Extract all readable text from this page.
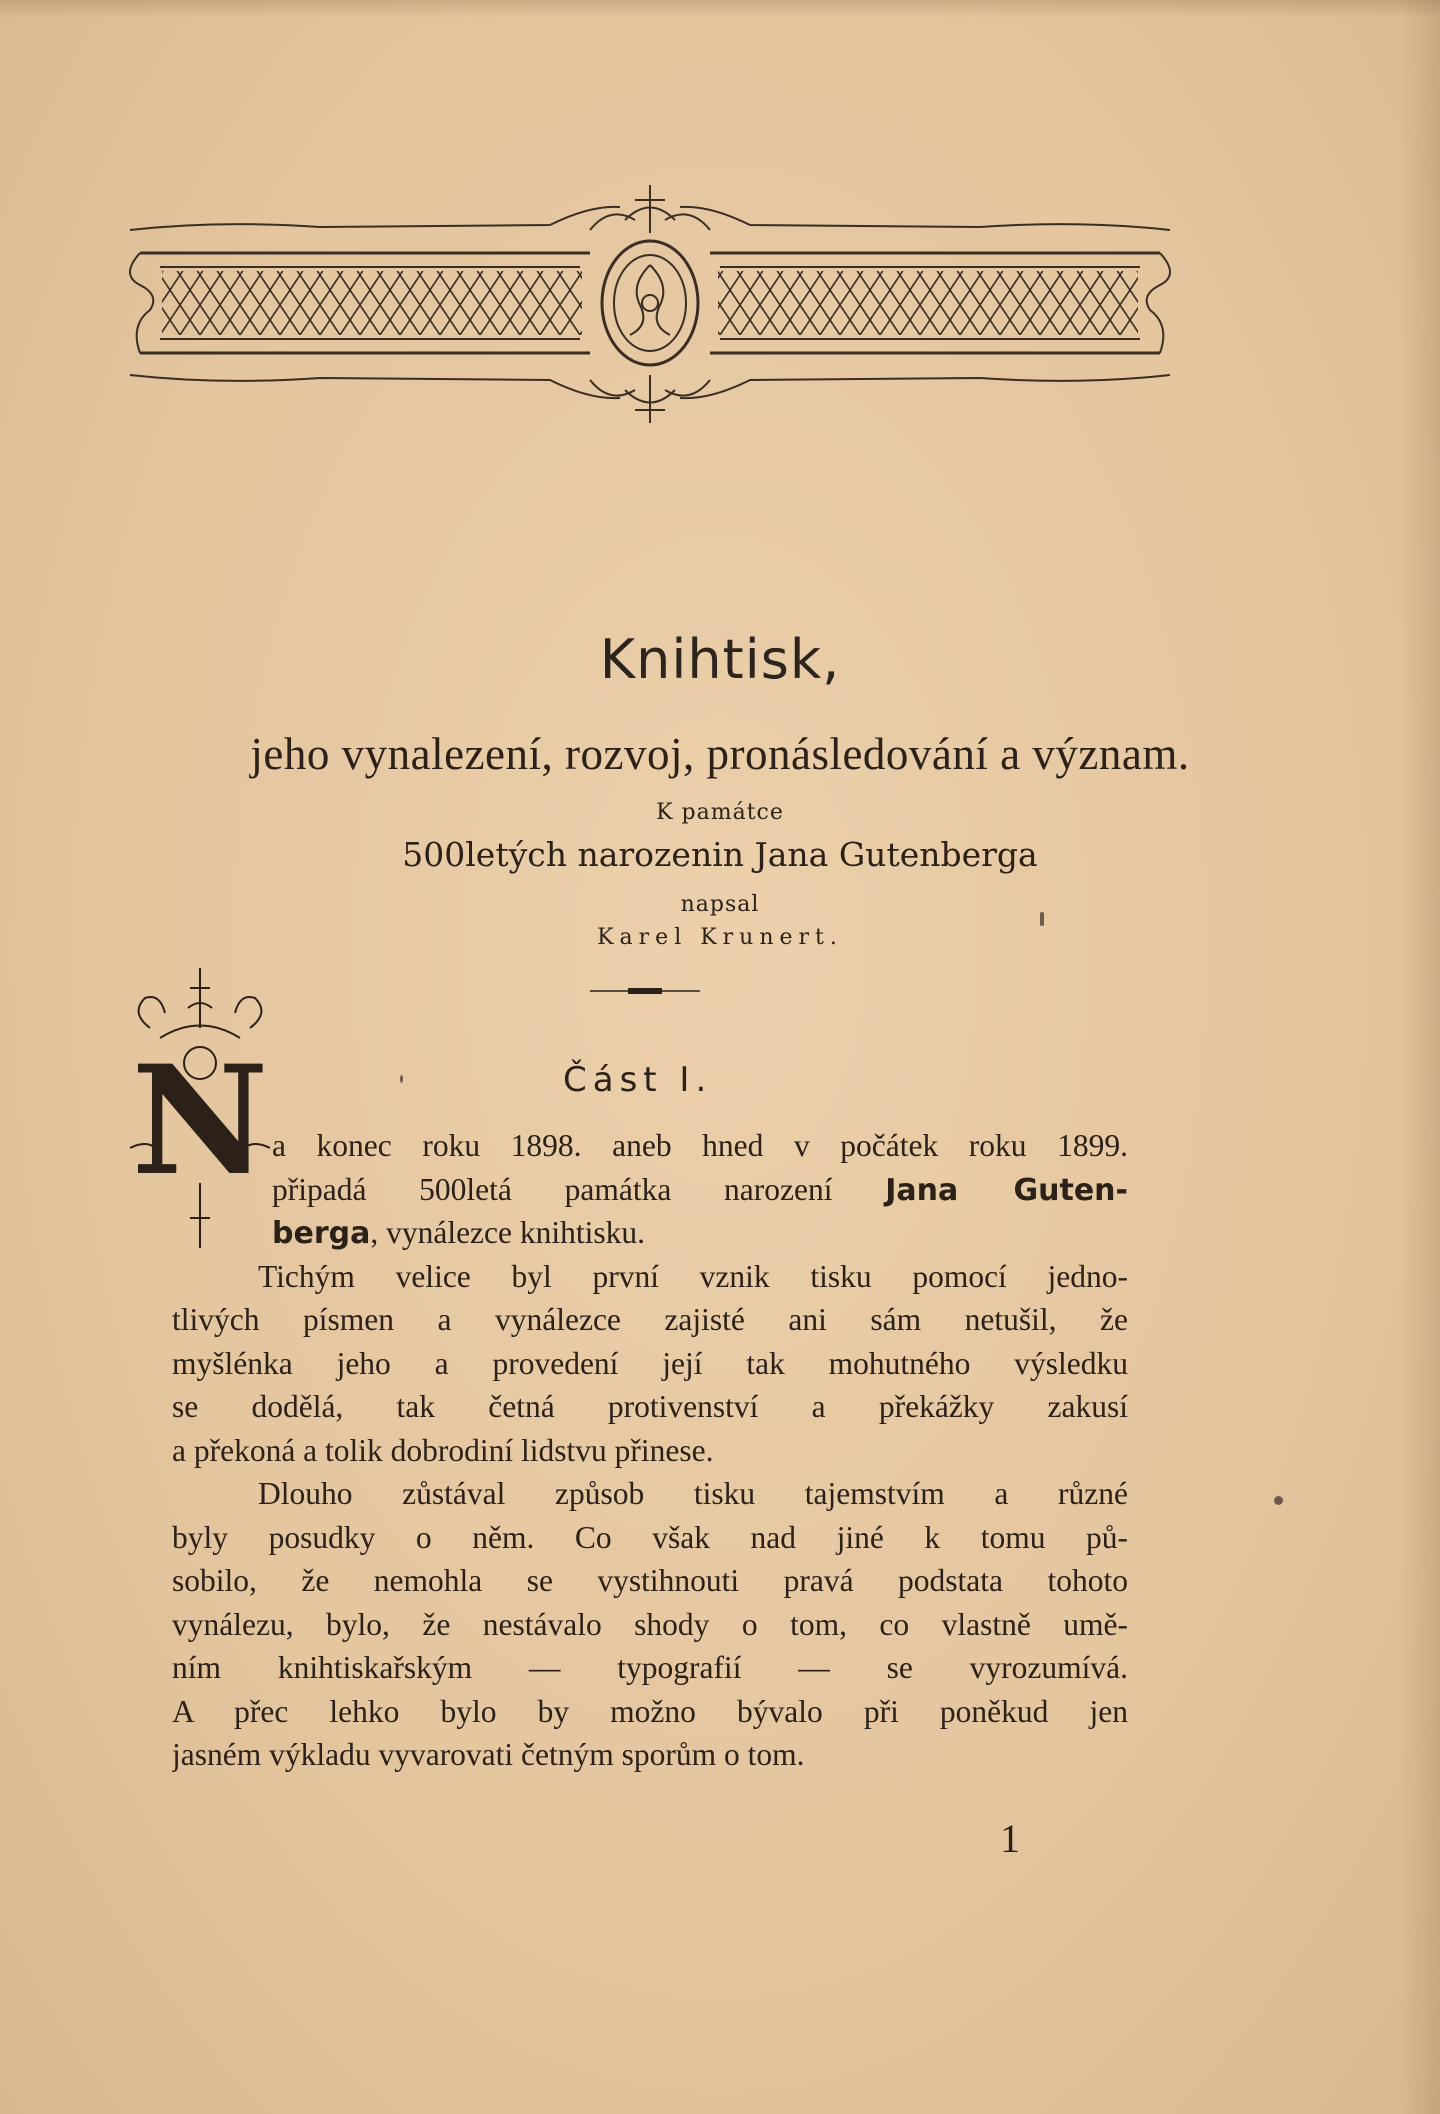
Knihtisk,
jeho vynalezení, rozvoj, pronásledování a význam.
K památce
500letých narozenin Jana Gutenberga
napsal
Karel Krunert.
Část I.
N a konec roku 1898. aneb hned v počátek roku 1899.
připadá 500letá památka narození Jana Guten-
berga, vynálezce knihtisku.
Tichým velice byl první vznik tisku pomocí jedno-
tlivých písmen a vynálezce zajisté ani sám netušil, že
myšlénka jeho a provedení její tak mohutného výsledku
se dodělá, tak četná protivenství a překážky zakusí
a překoná a tolik dobrodiní lidstvu přinese.
Dlouho zůstával způsob tisku tajemstvím a různé
byly posudky o něm. Co však nad jiné k tomu pů-
sobilo, že nemohla se vystihnouti pravá podstata tohoto
vynálezu, bylo, že nestávalo shody o tom, co vlastně umě-
ním knihtiskařským — typografií — se vyrozumívá.
A přec lehko bylo by možno bývalo při poněkud jen
jasném výkladu vyvarovati četným sporům o tom.
1
